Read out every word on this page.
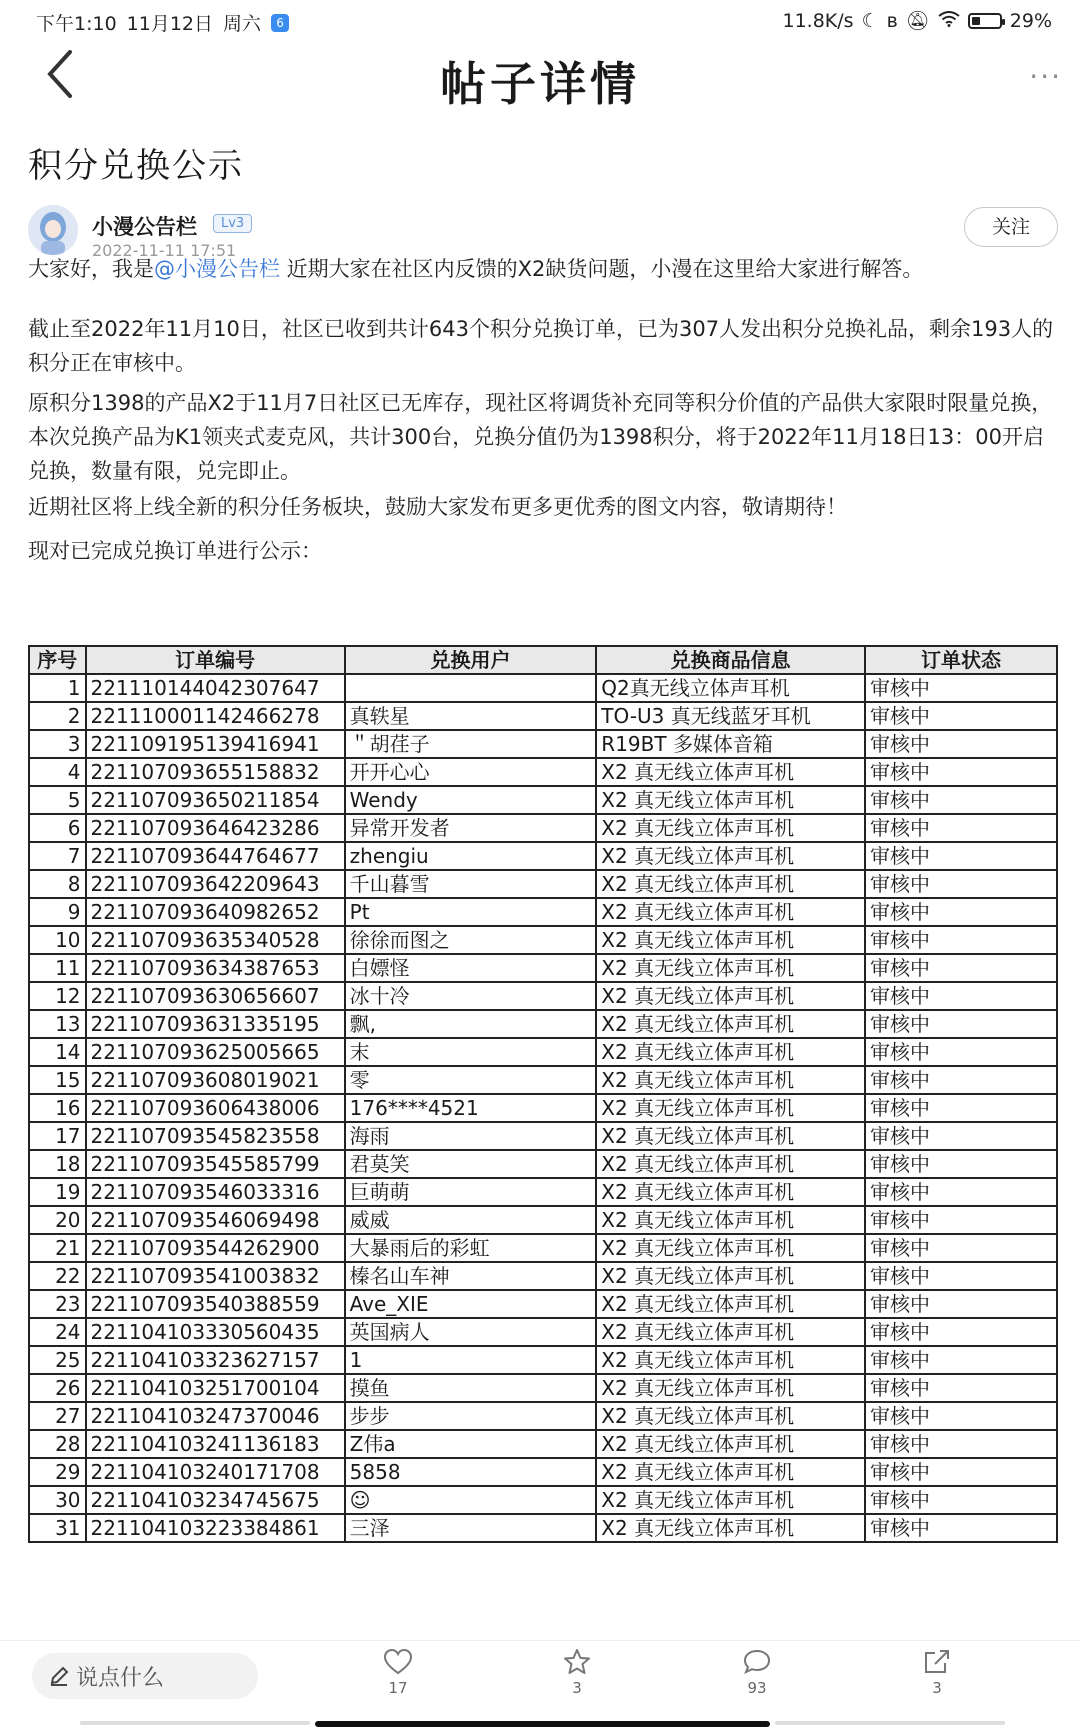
下午1:10 11月12日 周六	6	11.8K/s ☾ ʙ 🔕︎	29%
帖子详情	···
积分兑换公示
小漫公告栏	Lv3
2022-11-11 17:51
关注
大家好，我是@小漫公告栏 近期大家在社区内反馈的X2缺货问题，小漫在这里给大家进行解答。
截止至2022年11月10日，社区已收到共计643个积分兑换订单，已为307人发出积分兑换礼品，剩余193人的积分正在审核中。
原积分1398的产品X2于11月7日社区已无库存，现社区将调货补充同等积分价值的产品供大家限时限量兑换，本次兑换产品为K1领夹式麦克风，共计300台，兑换分值仍为1398积分，将于2022年11月18日13：00开启兑换，数量有限，兑完即止。
近期社区将上线全新的积分任务板块，鼓励大家发布更多更优秀的图文内容，敬请期待！
现对已完成兑换订单进行公示：
序号	订单编号	兑换用户	兑换商品信息	订单状态
1	221110144042307647		Q2真无线立体声耳机	审核中
2	221110001142466278	真轶星	TO-U3 真无线蓝牙耳机	审核中
3	221109195139416941	＂胡荏子	R19BT 多媒体音箱	审核中
4	221107093655158832	开开心心	X2 真无线立体声耳机	审核中
5	221107093650211854	Wendy	X2 真无线立体声耳机	审核中
6	221107093646423286	异常开发者	X2 真无线立体声耳机	审核中
7	221107093644764677	zhengiu	X2 真无线立体声耳机	审核中
8	221107093642209643	千山暮雪	X2 真无线立体声耳机	审核中
9	221107093640982652	Pt	X2 真无线立体声耳机	审核中
10	221107093635340528	徐徐而图之	X2 真无线立体声耳机	审核中
11	221107093634387653	白嫖怪	X2 真无线立体声耳机	审核中
12	221107093630656607	冰十冷	X2 真无线立体声耳机	审核中
13	221107093631335195	飘,	X2 真无线立体声耳机	审核中
14	221107093625005665	末	X2 真无线立体声耳机	审核中
15	221107093608019021	零	X2 真无线立体声耳机	审核中
16	221107093606438006	176****4521	X2 真无线立体声耳机	审核中
17	221107093545823558	海雨	X2 真无线立体声耳机	审核中
18	221107093545585799	君莫笑	X2 真无线立体声耳机	审核中
19	221107093546033316	巨萌萌	X2 真无线立体声耳机	审核中
20	221107093546069498	威威	X2 真无线立体声耳机	审核中
21	221107093544262900	大暴雨后的彩虹	X2 真无线立体声耳机	审核中
22	221107093541003832	榛名山车神	X2 真无线立体声耳机	审核中
23	221107093540388559	Ave_XIE	X2 真无线立体声耳机	审核中
24	221104103330560435	英国病人	X2 真无线立体声耳机	审核中
25	221104103323627157	1	X2 真无线立体声耳机	审核中
26	221104103251700104	摸鱼	X2 真无线立体声耳机	审核中
27	221104103247370046	步步	X2 真无线立体声耳机	审核中
28	221104103241136183	Z伟a	X2 真无线立体声耳机	审核中
29	221104103240171708	5858	X2 真无线立体声耳机	审核中
30	221104103234745675	☺	X2 真无线立体声耳机	审核中
31	221104103223384861	三泽	X2 真无线立体声耳机	审核中
说点什么	17	3	93	3
